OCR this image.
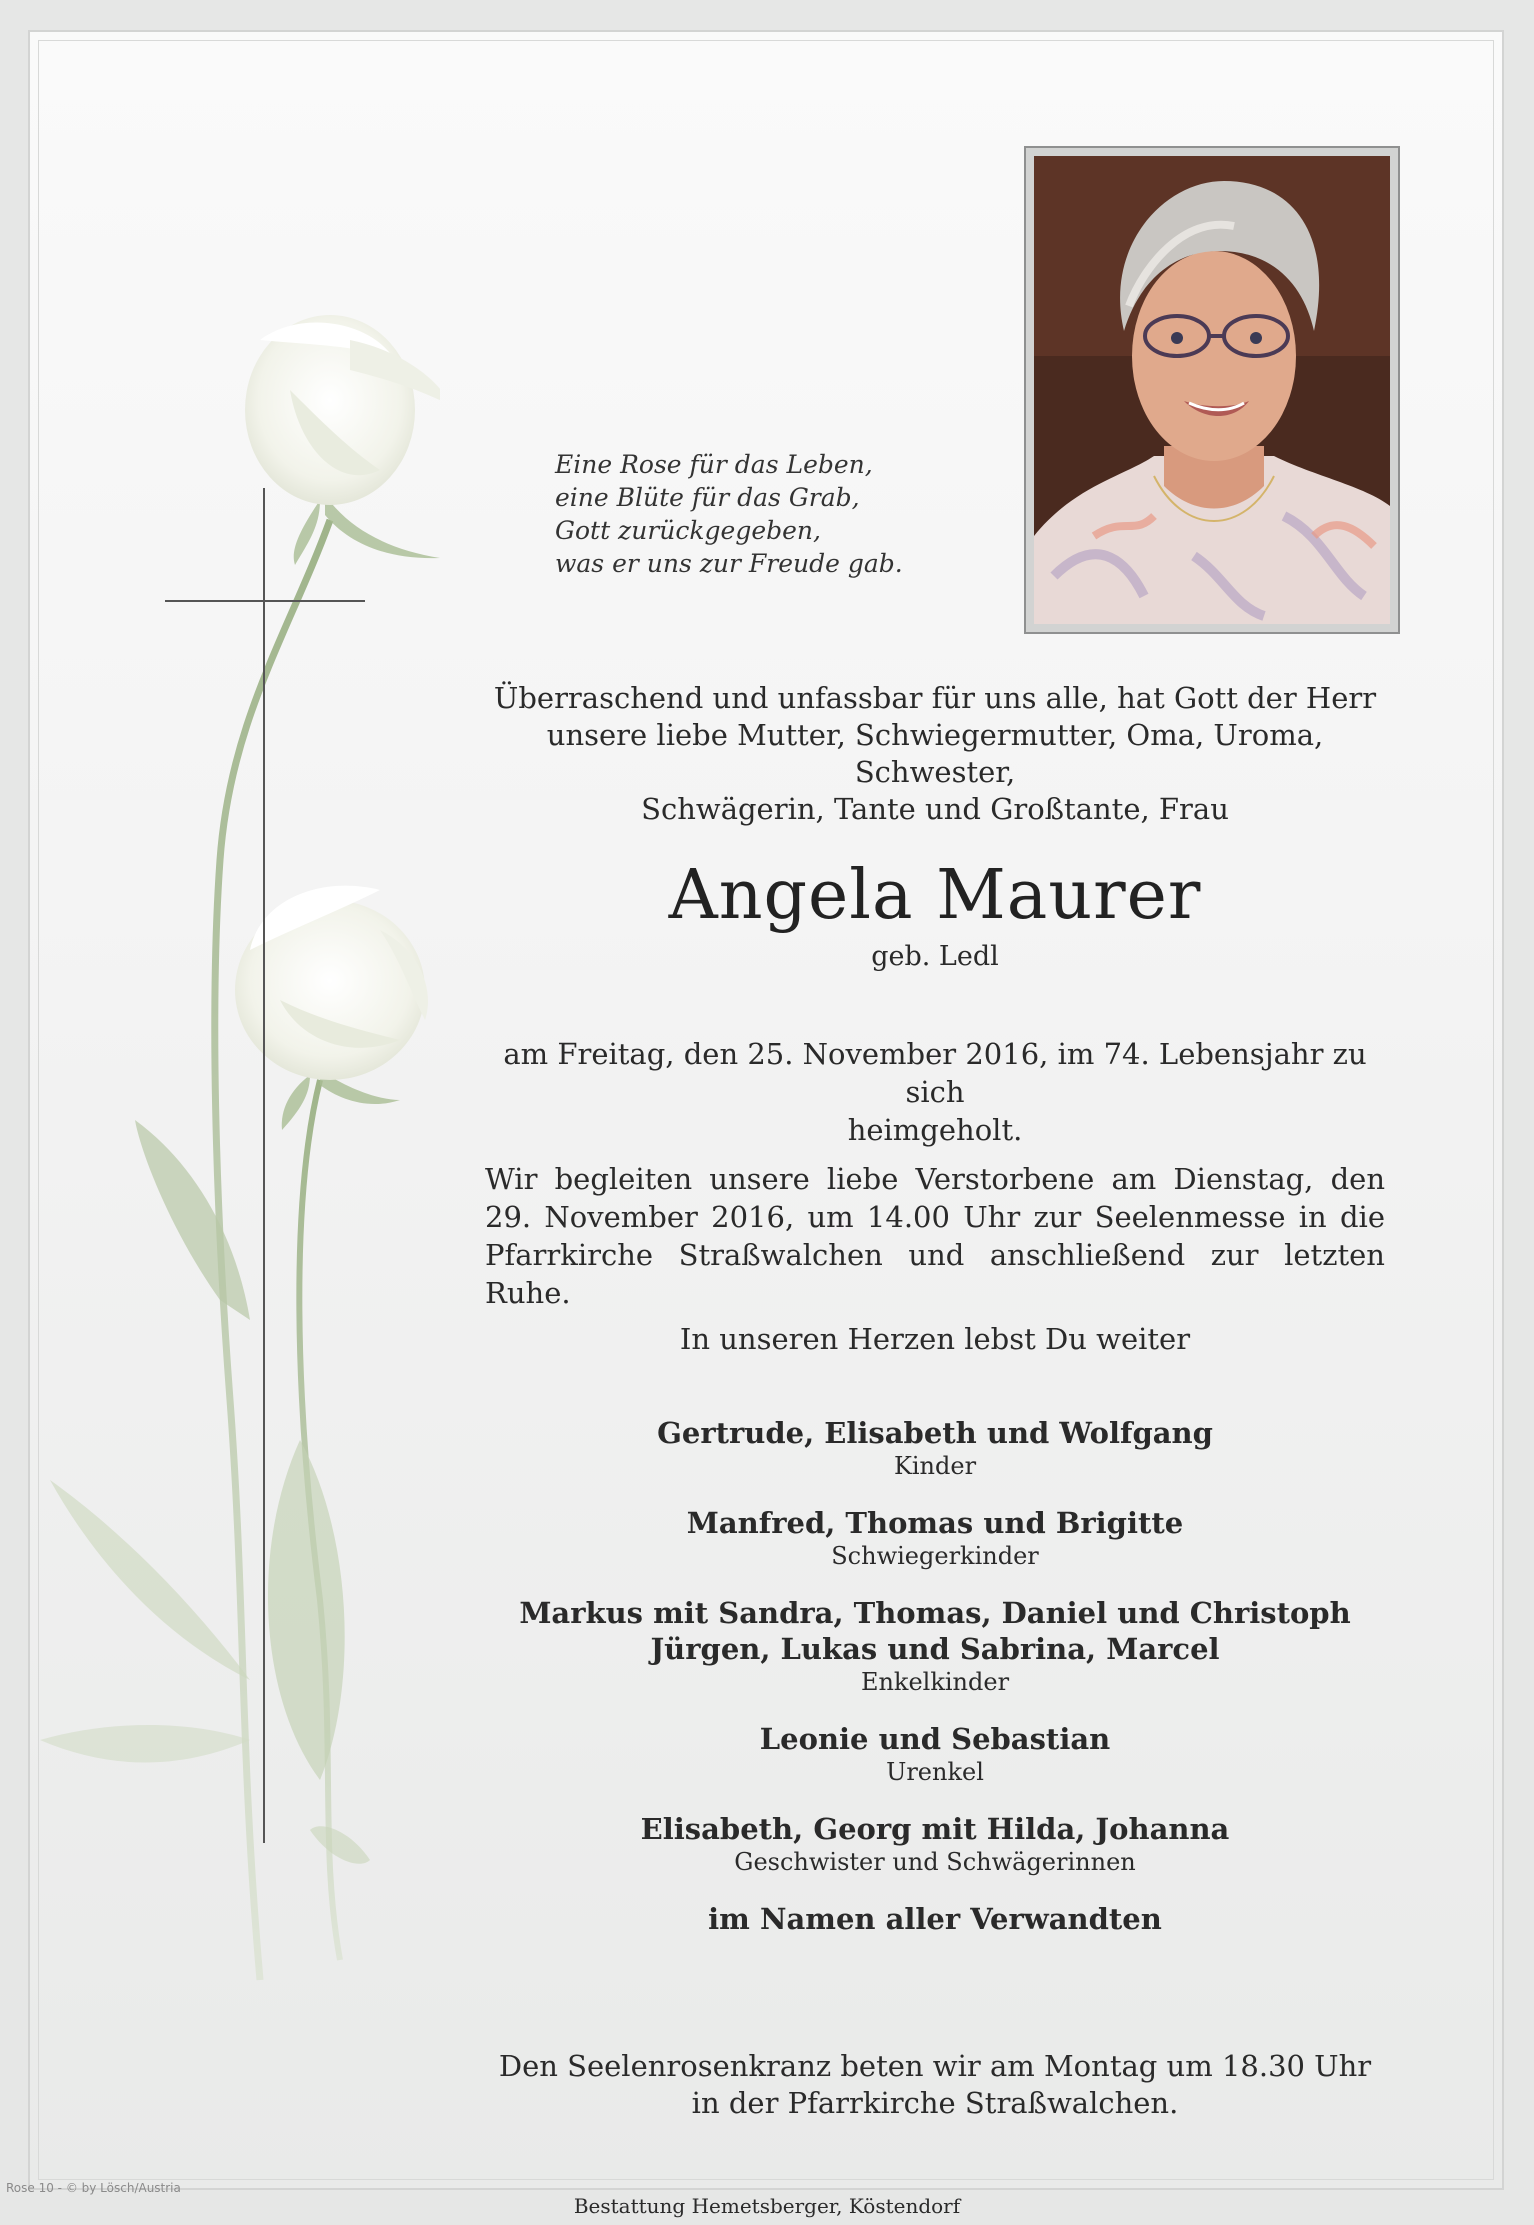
Eine Rose für das Leben,
eine Blüte für das Grab,
Gott zurückgegeben,
was er uns zur Freude gab.
Überraschend und unfassbar für uns alle, hat Gott der Herr
unsere liebe Mutter, Schwiegermutter, Oma, Uroma, Schwester,
Schwägerin, Tante und Großtante, Frau
Angela Maurer
geb. Ledl
am Freitag, den 25. November 2016, im 74. Lebensjahr zu sich
heimgeholt.
Wir begleiten unsere liebe Verstorbene am Dienstag, den
29. November 2016, um 14.00 Uhr zur Seelenmesse in die
Pfarrkirche Straßwalchen und anschließend zur letzten Ruhe.
In unseren Herzen lebst Du weiter
Gertrude, Elisabeth und Wolfgang
Kinder
Manfred, Thomas und Brigitte
Schwiegerkinder
Markus mit Sandra, Thomas, Daniel und Christoph
Jürgen, Lukas und Sabrina, Marcel
Enkelkinder
Leonie und Sebastian
Urenkel
Elisabeth, Georg mit Hilda, Johanna
Geschwister und Schwägerinnen
im Namen aller Verwandten
Den Seelenrosenkranz beten wir am Montag um 18.30 Uhr
in der Pfarrkirche Straßwalchen.
Rose 10 - © by Lösch/Austria
Bestattung Hemetsberger, Köstendorf
